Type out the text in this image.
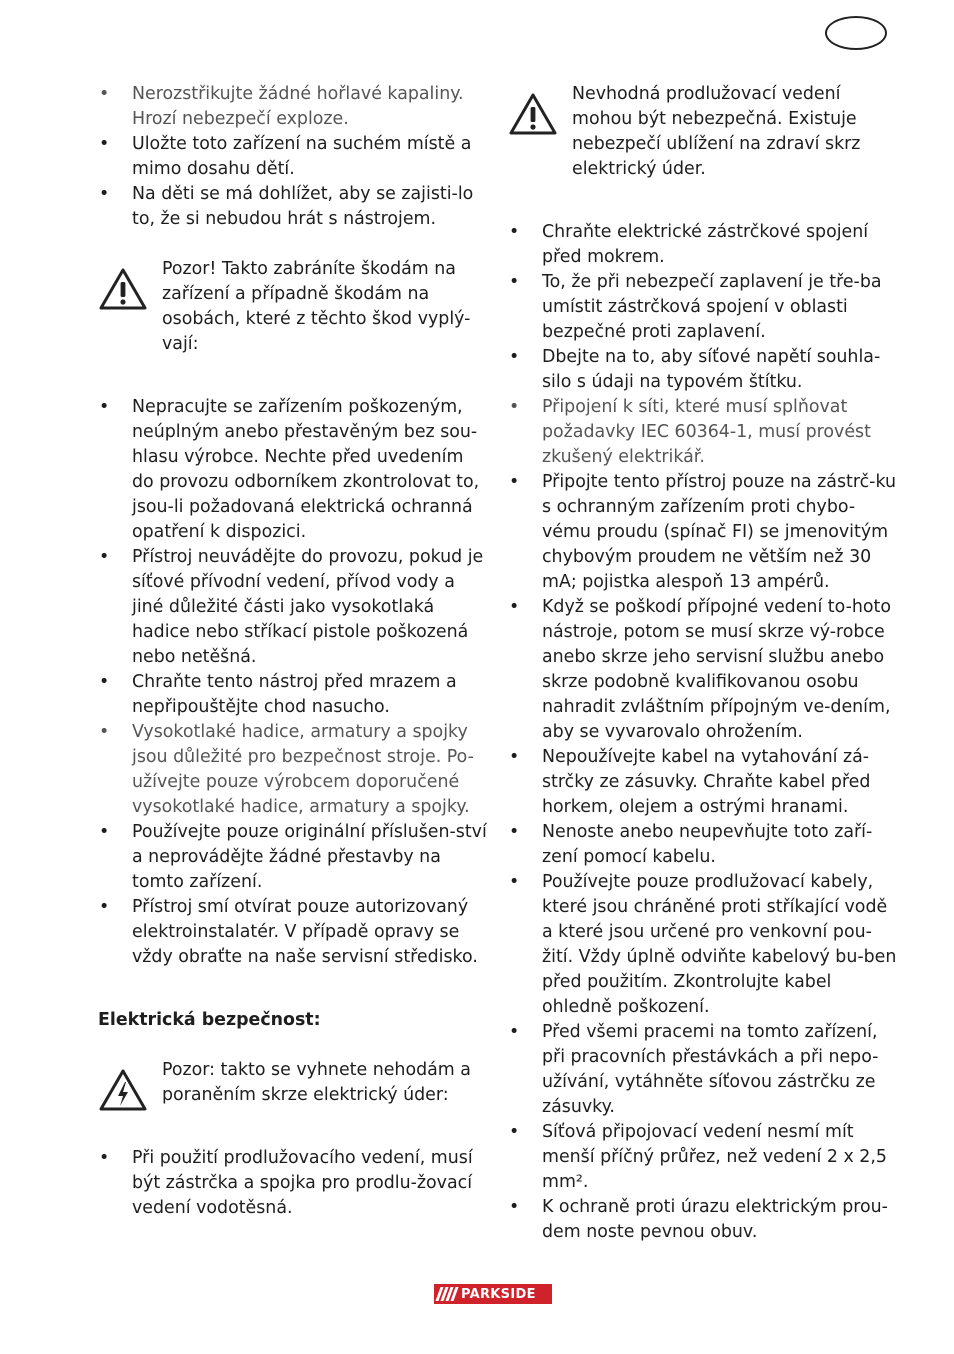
• Nerozstřikujte žádné hořlavé kapaliny. Hrozí nebezpečí exploze.
• Uložte toto zařízení na suchém místě a mimo dosahu dětí.
• Na děti se má dohlížet, aby se zajisti-lo to, že si nebudou hrát s nástrojem.
Pozor! Takto zabráníte škodám na zařízení a případně škodám na osobách, které z těchto škod vyplý-vají:
• Nepracujte se zařízením poškozeným, neúplným anebo přestavěným bez sou-hlasu výrobce. Nechte před uvedením do provozu odborníkem zkontrolovat to, jsou-li požadovaná elektrická ochranná opatření k dispozici.
• Přístroj neuvádějte do provozu, pokud je síťové přívodní vedení, přívod vody a jiné důležité části jako vysokotlaká hadice nebo stříkací pistole poškozená nebo netěšná.
• Chraňte tento nástroj před mrazem a nepřipouštějte chod nasucho.
• Vysokotlaké hadice, armatury a spojky jsou důležité pro bezpečnost stroje. Po-užívejte pouze výrobcem doporučené vysokotlaké hadice, armatury a spojky.
• Používejte pouze originální příslušen-ství a neprovádějte žádné přestavby na tomto zařízení.
• Přístroj smí otvírat pouze autorizovaný elektroinstalatér. V případě opravy se vždy obraťte na naše servisní středisko.
Elektrická bezpečnost:
Pozor: takto se vyhnete nehodám a poraněním skrze elektrický úder:
• Při použití prodlužovacího vedení, musí být zástrčka a spojka pro prodlu-žovací vedení vodotěsná.
Nevhodná prodlužovací vedení mohou být nebezpečná. Existuje nebezpečí ublížení na zdraví skrz elektrický úder.
• Chraňte elektrické zástrčkové spojení před mokrem.
• To, že při nebezpečí zaplavení je tře-ba umístit zástrčková spojení v oblasti bezpečné proti zaplavení.
• Dbejte na to, aby síťové napětí souhla-silo s údaji na typovém štítku.
• Připojení k síti, které musí splňovat požadavky IEC 60364-1, musí provést zkušený elektrikář.
• Připojte tento přístroj pouze na zástrč-ku s ochranným zařízením proti chybo-vému proudu (spínač FI) se jmenovitým chybovým proudem ne větším než 30 mA; pojistka alespoň 13 ampérů.
• Když se poškodí přípojné vedení to-hoto nástroje, potom se musí skrze vý-robce anebo skrze jeho servisní službu anebo skrze podobně kvalifikovanou osobu nahradit zvláštním přípojným ve-dením, aby se vyvarovalo ohrožením.
• Nepoužívejte kabel na vytahování zá-strčky ze zásuvky. Chraňte kabel před horkem, olejem a ostrými hranami.
• Nenoste anebo neupevňujte toto zaří-zení pomocí kabelu.
• Používejte pouze prodlužovací kabely, které jsou chráněné proti stříkající vodě a které jsou určené pro venkovní pou-žití. Vždy úplně odviňte kabelový bu-ben před použitím. Zkontrolujte kabel ohledně poškození.
• Před všemi pracemi na tomto zařízení, při pracovních přestávkách a při nepo-užívání, vytáhněte síťovou zástrčku ze zásuvky.
• Síťová připojovací vedení nesmí mít menší příčný průřez, než vedení 2 x 2,5 mm².
• K ochraně proti úrazu elektrickým prou-dem noste pevnou obuv.
PARKSIDE
